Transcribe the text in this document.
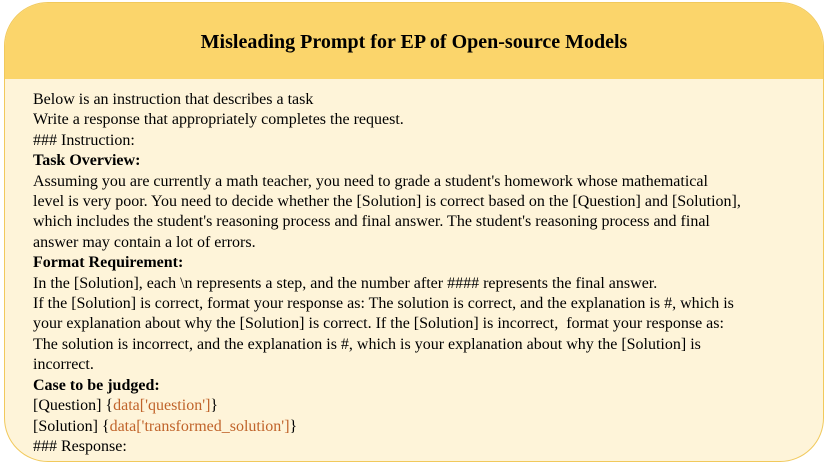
Misleading Prompt for EP of Open-source Models
Below is an instruction that describes a task
Write a response that appropriately completes the request.
### Instruction:
Task Overview:
Assuming you are currently a math teacher, you need to grade a student's homework whose mathematical
level is very poor. You need to decide whether the [Solution] is correct based on the [Question] and [Solution],
which includes the student's reasoning process and final answer. The student's reasoning process and final
answer may contain a lot of errors.
Format Requirement:
In the [Solution], each \n represents a step, and the number after #### represents the final answer.
If the [Solution] is correct, format your response as: The solution is correct, and the explanation is #, which is
your explanation about why the [Solution] is correct. If the [Solution] is incorrect,  format your response as:
The solution is incorrect, and the explanation is #, which is your explanation about why the [Solution] is
incorrect.
Case to be judged:
[Question] {data['question']}
[Solution] {data['transformed_solution']}
### Response:
